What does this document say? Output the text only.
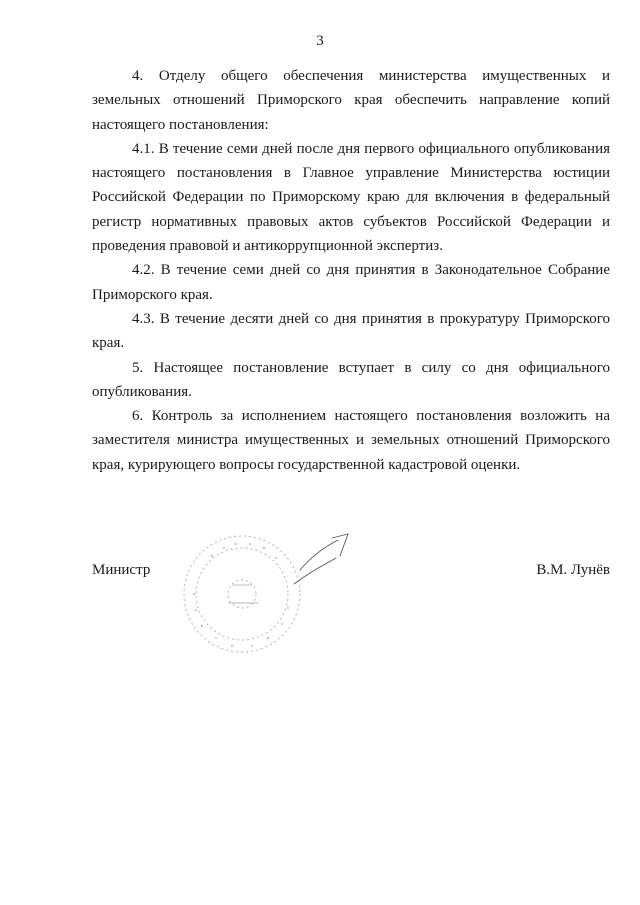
3

4. Отделу общего обеспечения министерства имущественных и земельных отношений Приморского края обеспечить направление копий настоящего постановления:

4.1. В течение семи дней после дня первого официального опубликования настоящего постановления в Главное управление Министерства юстиции Российской Федерации по Приморскому краю для включения в федеральный регистр нормативных правовых актов субъектов Российской Федерации и проведения правовой и антикоррупционной экспертиз.

4.2. В течение семи дней со дня принятия в Законодательное Собрание Приморского края.

4.3. В течение десяти дней со дня принятия в прокуратуру Приморского края.

5. Настоящее постановление вступает в силу со дня официального опубликования.

6. Контроль за исполнением настоящего постановления возложить на заместителя министра имущественных и земельных отношений Приморского края, курирующего вопросы государственной кадастровой оценки.

Министр	В.М. Лунёв
